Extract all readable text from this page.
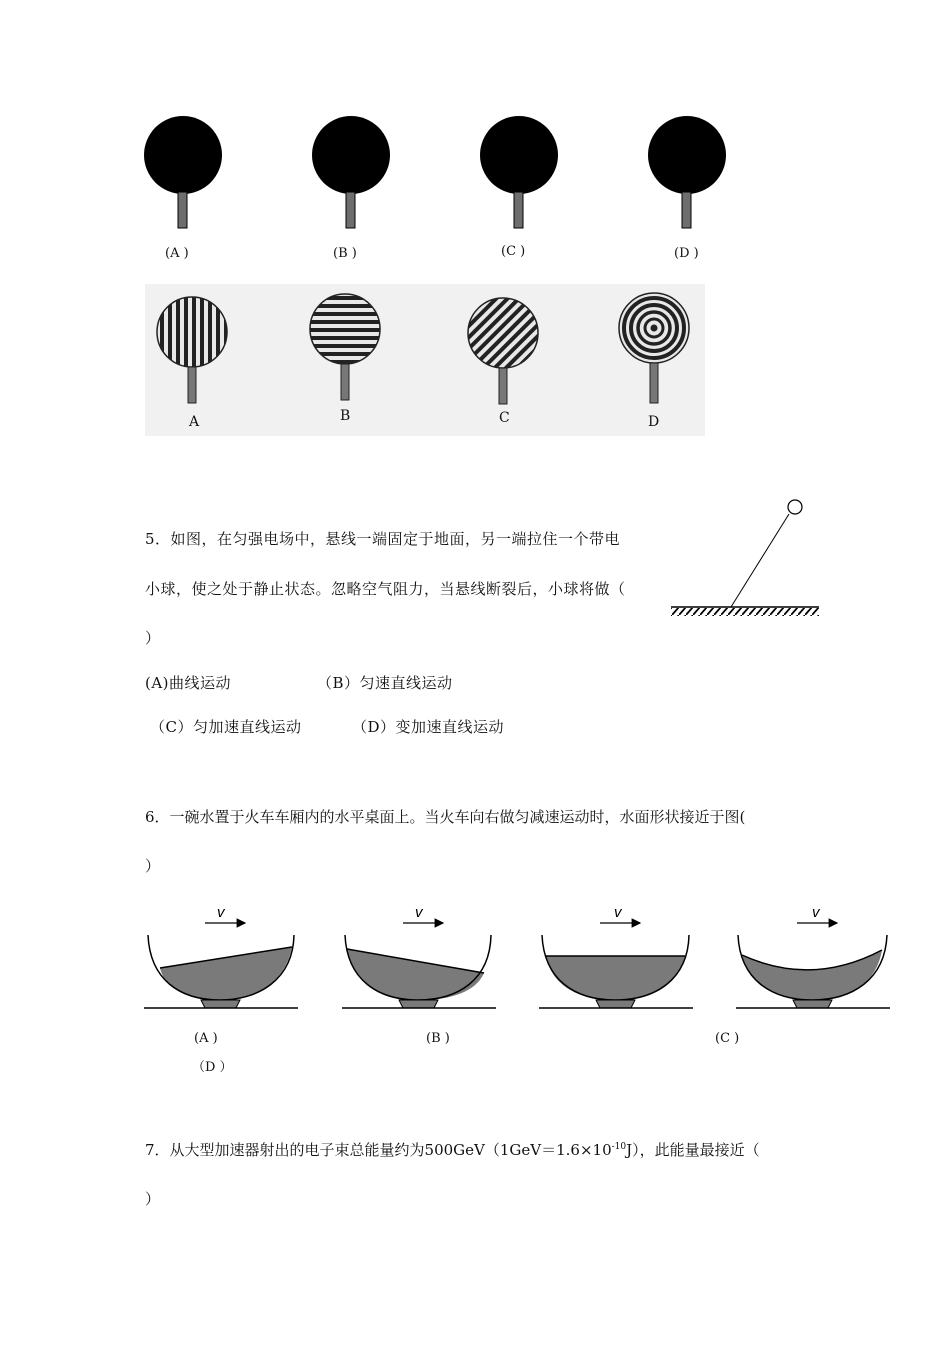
(A )	(B )	(C )	(D )
A	B	C	D
5．如图，在匀强电场中，悬线一端固定于地面，另一端拉住一个带电
小球，使之处于静止状态。忽略空气阻力，当悬线断裂后，小球将做（
）
(A)曲线运动	（B）匀速直线运动
（C）匀加速直线运动	（D）变加速直线运动
6．一碗水置于火车车厢内的水平桌面上。当火车向右做匀减速运动时，水面形状接近于图(
）
v	v	v	v
(A )	(B )	(C )
（D ）
7．从大型加速器射出的电子束总能量约为$500GeV(1GeV=1.6\times 10^{-10}J)$，此能量最接近（
）
